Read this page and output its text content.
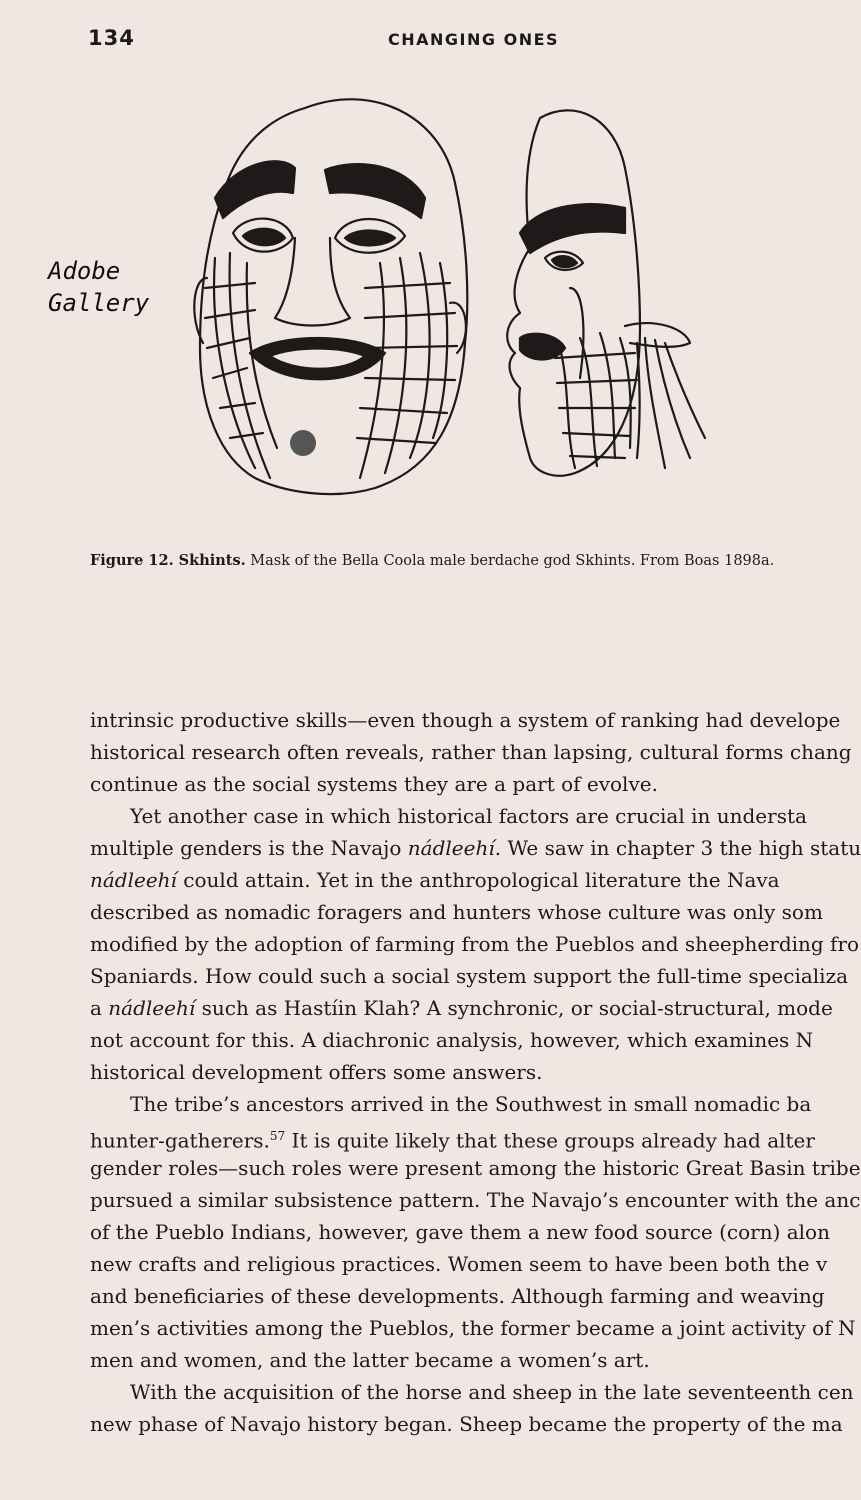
134	CHANGING ONES

Adobe
Gallery
Figure 12. Skhints. Mask of the Bella Coola male berdache god Skhints. From Boas 1898a.
intrinsic productive skills—even though a system of ranking had develope
historical research often reveals, rather than lapsing, cultural forms chang
continue as the social systems they are a part of evolve.
Yet another case in which historical factors are crucial in understa
multiple genders is the Navajo nádleehí. We saw in chapter 3 the high statu
nádleehí could attain. Yet in the anthropological literature the Nava
described as nomadic foragers and hunters whose culture was only som
modified by the adoption of farming from the Pueblos and sheepherding fro
Spaniards. How could such a social system support the full-time specializa
a nádleehí such as Hastíin Klah? A synchronic, or social-structural, mode
not account for this. A diachronic analysis, however, which examines N
historical development offers some answers.
The tribe’s ancestors arrived in the Southwest in small nomadic ba
hunter-gatherers.$^{57}$ It is quite likely that these groups already had alter
gender roles—such roles were present among the historic Great Basin tribe
pursued a similar subsistence pattern. The Navajo’s encounter with the anc
of the Pueblo Indians, however, gave them a new food source (corn) alon
new crafts and religious practices. Women seem to have been both the v
and beneficiaries of these developments. Although farming and weaving
men’s activities among the Pueblos, the former became a joint activity of N
men and women, and the latter became a women’s art.
With the acquisition of the horse and sheep in the late seventeenth cen
new phase of Navajo history began. Sheep became the property of the ma
